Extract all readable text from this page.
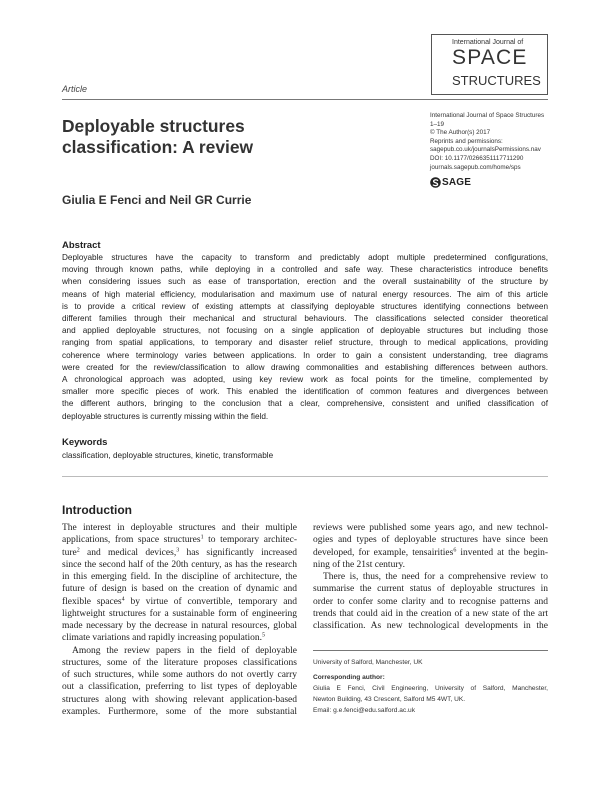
International Journal of
SPACE
STRUCTURES
Article
Deployable structures classification: A review
International Journal of Space Structures
1–19
© The Author(s) 2017
Reprints and permissions:
sagepub.co.uk/journalsPermissions.nav
DOI: 10.1177/0266351117711290
journals.sagepub.com/home/sps
SAGE
Giulia E Fenci and Neil GR Currie
Abstract
Deployable structures have the capacity to transform and predictably adopt multiple predetermined configurations,
moving through known paths, while deploying in a controlled and safe way. These characteristics introduce benefits
when considering issues such as ease of transportation, erection and the overall sustainability of the structure by
means of high material efficiency, modularisation and maximum use of natural energy resources. The aim of this article
is to provide a critical review of existing attempts at classifying deployable structures identifying connections between
different families through their mechanical and structural behaviours. The classifications selected consider theoretical
and applied deployable structures, not focusing on a single application of deployable structures but including those
ranging from spatial applications, to temporary and disaster relief structure, through to medical applications, providing
coherence where terminology varies between applications. In order to gain a consistent understanding, tree diagrams
were created for the review/classification to allow drawing commonalities and establishing differences between authors.
A chronological approach was adopted, using key review work as focal points for the timeline, complemented by
smaller more specific pieces of work. This enabled the identification of common features and divergences between
the different authors, bringing to the conclusion that a clear, comprehensive, consistent and unified classification of
deployable structures is currently missing within the field.
Keywords
classification, deployable structures, kinetic, transformable
Introduction
The interest in deployable structures and their multiple
applications, from space structures$^1$ to temporary architec-
ture$^2$ and medical devices,$^3$ has significantly increased
since the second half of the 20th century, as has the research
in this emerging field. In the discipline of architecture, the
future of design is based on the creation of dynamic and
flexible spaces$^4$ by virtue of convertible, temporary and
lightweight structures for a sustainable form of engineering
made necessary by the decrease in natural resources, global
climate variations and rapidly increasing population.$^5$
Among the review papers in the field of deployable
structures, some of the literature proposes classifications
of such structures, while some authors do not overtly carry
out a classification, preferring to list types of deployable
structures along with showing relevant application-based
examples. Furthermore, some of the more substantial
reviews were published some years ago, and new technol-
ogies and types of deployable structures have since been
developed, for example, tensairities$^6$ invented at the begin-
ning of the 21st century.
There is, thus, the need for a comprehensive review to
summarise the current status of deployable structures in
order to confer some clarity and to recognise patterns and
trends that could aid in the creation of a new state of the art
classification. As new technological developments in the
University of Salford, Manchester, UK
Corresponding author:
Giulia E Fenci, Civil Engineering, University of Salford, Manchester,
Newton Building, 43 Crescent, Salford M5 4WT, UK.
Email: g.e.fenci@edu.salford.ac.uk
